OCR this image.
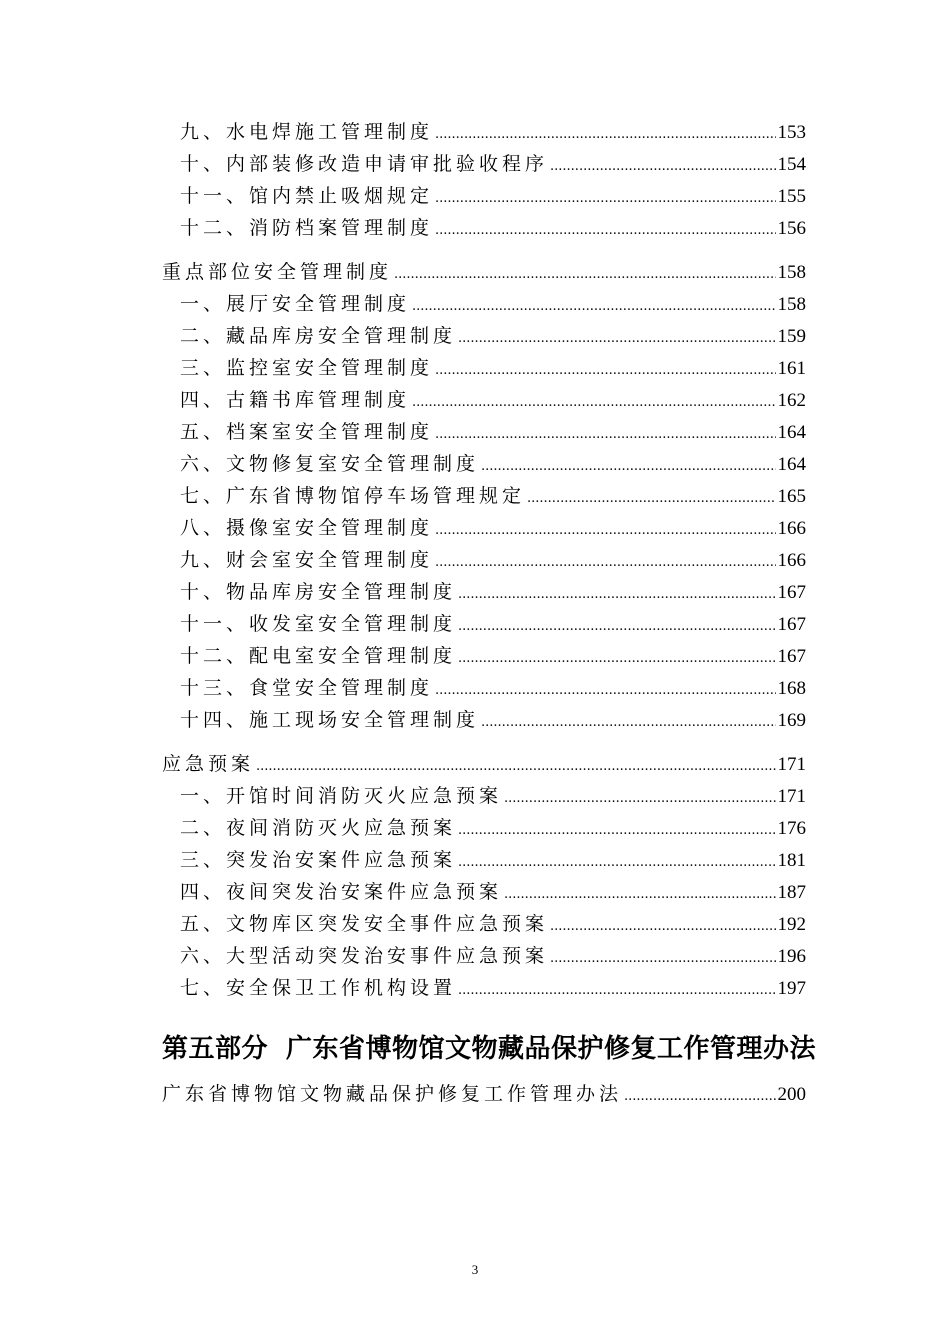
九、水电焊施工管理制度 .....	153
十、内部装修改造申请审批验收程序 .....	154
十一、馆内禁止吸烟规定 .....	155
十二、消防档案管理制度 .....	156
重点部位安全管理制度 .....	158
一、展厅安全管理制度 .....	158
二、藏品库房安全管理制度 .....	159
三、监控室安全管理制度 .....	161
四、古籍书库管理制度 .....	162
五、档案室安全管理制度 .....	164
六、文物修复室安全管理制度 .....	164
七、广东省博物馆停车场管理规定 .....	165
八、摄像室安全管理制度 .....	166
九、财会室安全管理制度 .....	166
十、物品库房安全管理制度 .....	167
十一、收发室安全管理制度 .....	167
十二、配电室安全管理制度 .....	167
十三、食堂安全管理制度 .....	168
十四、施工现场安全管理制度 .....	169
应急预案 .....	171
一、开馆时间消防灭火应急预案 .....	171
二、夜间消防灭火应急预案 .....	176
三、突发治安案件应急预案 .....	181
四、夜间突发治安案件应急预案 .....	187
五、文物库区突发安全事件应急预案 .....	192
六、大型活动突发治安事件应急预案 .....	196
七、安全保卫工作机构设置 .....	197
第五部分 广东省博物馆文物藏品保护修复工作管理办法
广东省博物馆文物藏品保护修复工作管理办法 .....	200
3
